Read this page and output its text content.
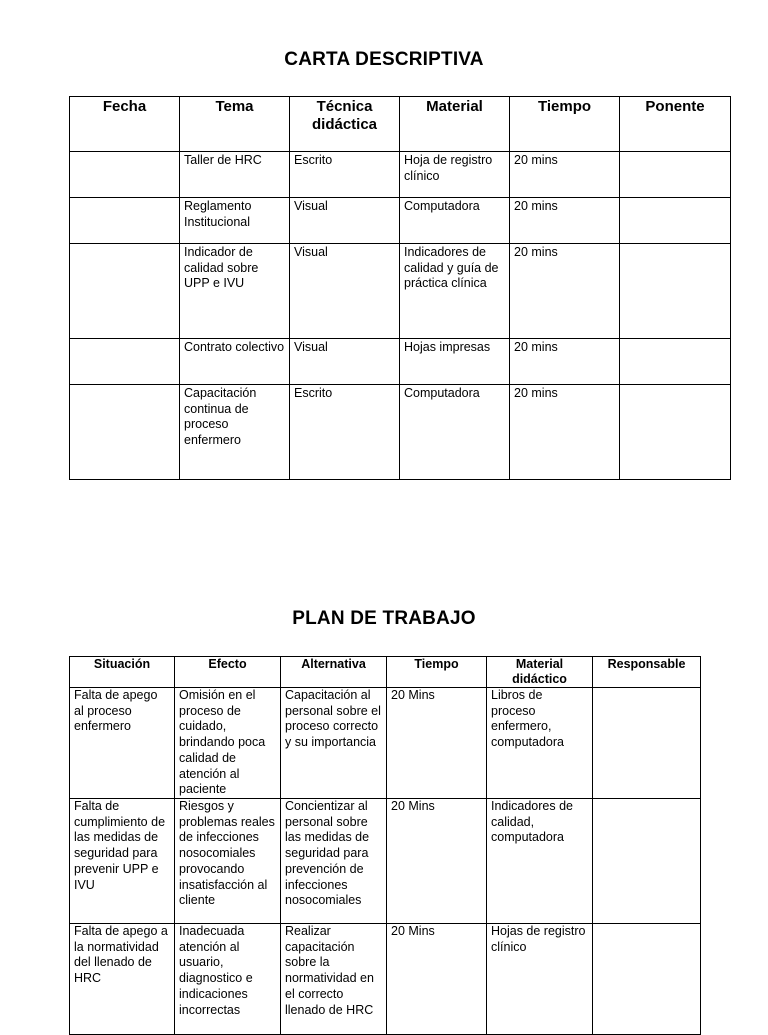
CARTA DESCRIPTIVA
Fecha	Tema	Técnica didáctica	Material	Tiempo	Ponente

	Taller de HRC	Escrito	Hoja de registro clínico	20 mins	

	Reglamento Institucional	Visual	Computadora	20 mins	

	Indicador de calidad sobre UPP e IVU	Visual	Indicadores de calidad y guía de práctica clínica	20 mins	

	Contrato colectivo	Visual	Hojas impresas	20 mins	

	Capacitación continua de proceso enfermero	Escrito	Computadora	20 mins	

PLAN DE TRABAJO
Situación	Efecto	Alternativa	Tiempo	Material didáctico	Responsable
Falta de apego al proceso enfermero	Omisión en el proceso de cuidado, brindando poca calidad de atención al paciente	Capacitación al personal sobre el proceso correcto y su importancia	20 Mins	Libros de proceso enfermero, computadora	
Falta de cumplimiento de las medidas de seguridad para prevenir UPP e IVU	Riesgos y problemas reales de infecciones nosocomiales provocando insatisfacción al cliente	Concientizar al personal sobre las medidas de seguridad para prevención de infecciones nosocomiales	20 Mins	Indicadores de calidad, computadora	
Falta de apego a la normatividad del llenado de HRC	Inadecuada atención al usuario, diagnostico e indicaciones incorrectas	Realizar capacitación sobre la normatividad en el correcto llenado de HRC	20 Mins	Hojas de registro clínico	
